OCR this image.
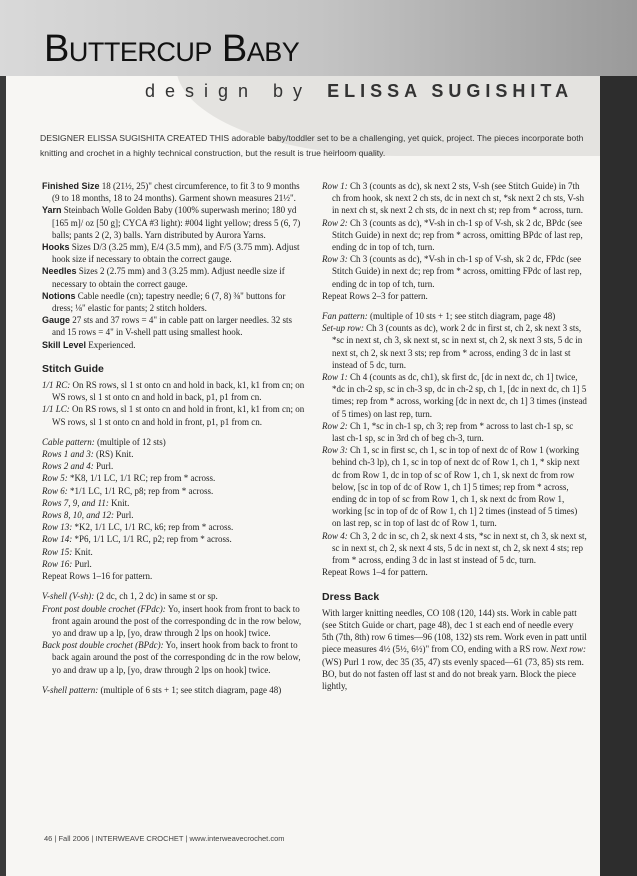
Buttercup Baby
design by ELISSA SUGISHITA
DESIGNER ELISSA SUGISHITA CREATED THIS adorable baby/toddler set to be a challenging, yet quick, project. The pieces incorporate both knitting and crochet in a highly technical construction, but the result is true heirloom quality.

Finished Size 18 (21½, 25)" chest circumference, to fit 3 to 9 months (9 to 18 months, 18 to 24 months). Garment shown measures 21½".

Yarn Steinbach Wolle Golden Baby (100% superwash merino; 180 yd [165 m]/ oz [50 g]; CYCA #3 light): #004 light yellow; dress 5 (6, 7) balls; pants 2 (2, 3) balls. Yarn distributed by Aurora Yarns.

Hooks Sizes D/3 (3.25 mm), E/4 (3.5 mm), and F/5 (3.75 mm). Adjust hook size if necessary to obtain the correct gauge.

Needles Sizes 2 (2.75 mm) and 3 (3.25 mm). Adjust needle size if necessary to obtain the correct gauge.

Notions Cable needle (cn); tapestry needle; 6 (7, 8) ⅜" buttons for dress; ⅛" elastic for pants; 2 stitch holders.

Gauge 27 sts and 37 rows = 4" in cable patt on larger needles. 32 sts and 15 rows = 4" in V-shell patt using smallest hook.

Skill Level Experienced.

Stitch Guide

1/1 RC: On RS rows, sl 1 st onto cn and hold in back, k1, k1 from cn; on WS rows, sl 1 st onto cn and hold in back, p1, p1 from cn.

1/1 LC: On RS rows, sl 1 st onto cn and hold in front, k1, k1 from cn; on WS rows, sl 1 st onto cn and hold in front, p1, p1 from cn.

Cable pattern: (multiple of 12 sts)

Rows 1 and 3: (RS) Knit.

Rows 2 and 4: Purl.

Row 5: *K8, 1/1 LC, 1/1 RC; rep from * across.

Row 6: *1/1 LC, 1/1 RC, p8; rep from * across.

Rows 7, 9, and 11: Knit.

Rows 8, 10, and 12: Purl.

Row 13: *K2, 1/1 LC, 1/1 RC, k6; rep from * across.

Row 14: *P6, 1/1 LC, 1/1 RC, p2; rep from * across.

Row 15: Knit.

Row 16: Purl.

Repeat Rows 1–16 for pattern.

V-shell (V-sh): (2 dc, ch 1, 2 dc) in same st or sp.

Front post double crochet (FPdc): Yo, insert hook from front to back to front again around the post of the corresponding dc in the row below, yo and draw up a lp, [yo, draw through 2 lps on hook] twice.

Back post double crochet (BPdc): Yo, insert hook from back to front to back again around the post of the corresponding dc in the row below, yo and draw up a lp, [yo, draw through 2 lps on hook] twice.

V-shell pattern: (multiple of 6 sts + 1; see stitch diagram, page 48)

Row 1: Ch 3 (counts as dc), sk next 2 sts, V-sh (see Stitch Guide) in 7th ch from hook, sk next 2 ch sts, dc in next ch st, *sk next 2 ch sts, V-sh in next ch st, sk next 2 ch sts, dc in next ch st; rep from * across, turn.

Row 2: Ch 3 (counts as dc), *V-sh in ch-1 sp of V-sh, sk 2 dc, BPdc (see Stitch Guide) in next dc; rep from * across, omitting BPdc of last rep, ending dc in top of tch, turn.

Row 3: Ch 3 (counts as dc), *V-sh in ch-1 sp of V-sh, sk 2 dc, FPdc (see Stitch Guide) in next dc; rep from * across, omitting FPdc of last rep, ending dc in top of tch, turn.

Repeat Rows 2–3 for pattern.

Fan pattern: (multiple of 10 sts + 1; see stitch diagram, page 48)

Set-up row: Ch 3 (counts as dc), work 2 dc in first st, ch 2, sk next 3 sts, *sc in next st, ch 3, sk next st, sc in next st, ch 2, sk next 3 sts, 5 dc in next st, ch 2, sk next 3 sts; rep from * across, ending 3 dc in last st instead of 5 dc, turn.

Row 1: Ch 4 (counts as dc, ch1), sk first dc, [dc in next dc, ch 1] twice, *dc in ch-2 sp, sc in ch-3 sp, dc in ch-2 sp, ch 1, [dc in next dc, ch 1] 5 times; rep from * across, working [dc in next dc, ch 1] 3 times (instead of 5 times) on last rep, turn.

Row 2: Ch 1, *sc in ch-1 sp, ch 3; rep from * across to last ch-1 sp, sc last ch-1 sp, sc in 3rd ch of beg ch-3, turn.

Row 3: Ch 1, sc in first sc, ch 1, sc in top of next dc of Row 1 (working behind ch-3 lp), ch 1, sc in top of next dc of Row 1, ch 1, * skip next dc from Row 1, dc in top of sc of Row 1, ch 1, sk next dc from row below, [sc in top of dc of Row 1, ch 1] 5 times; rep from * across, ending dc in top of sc from Row 1, ch 1, sk next dc from Row 1, working [sc in top of dc of Row 1, ch 1] 2 times (instead of 5 times) on last rep, sc in top of last dc of Row 1, turn.

Row 4: Ch 3, 2 dc in sc, ch 2, sk next 4 sts, *sc in next st, ch 3, sk next st, sc in next st, ch 2, sk next 4 sts, 5 dc in next st, ch 2, sk next 4 sts; rep from * across, ending 3 dc in last st instead of 5 dc, turn.

Repeat Rows 1–4 for pattern.

Dress Back

With larger knitting needles, CO 108 (120, 144) sts. Work in cable patt (see Stitch Guide or chart, page 48), dec 1 st each end of needle every 5th (7th, 8th) row 6 times—96 (108, 132) sts rem. Work even in patt until piece measures 4½ (5½, 6½)" from CO, ending with a RS row. Next row: (WS) Purl 1 row, dec 35 (35, 47) sts evenly spaced—61 (73, 85) sts rem. BO, but do not fasten off last st and do not break yarn. Block the piece lightly,

46 | Fall 2006 | INTERWEAVE CROCHET | www.interweavecrochet.com
